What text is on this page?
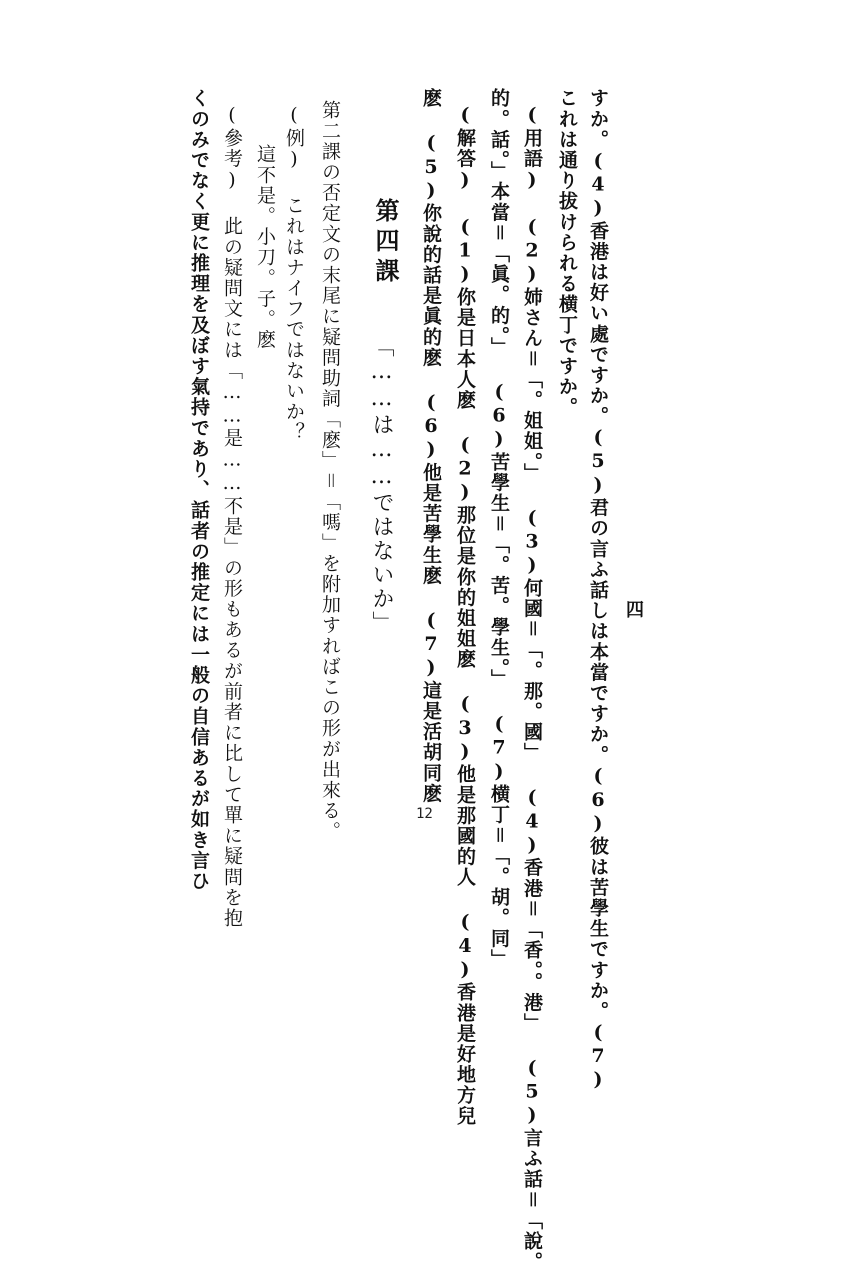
四
すか。(4)香港は好い處ですか。(5)君の言ふ話しは本當ですか。(6)彼は苦學生ですか。(7)
これは通り拔けられる横丁ですか。
(用語) (2)姉さん＝「。姐姐。」 (3)何國＝「。那。國」 (4)香港＝「香。。港」 (5)言ふ話＝「說。
的。話。」本當＝「眞。的。」 (6)苦學生＝「。苦。學生。」 (7)横丁＝「。胡。同」
(解答) (1)你是日本人麽 (2)那位是你的姐姐麽 (3)他是那國的人 (4)香港是好地方兒
麽 (5)你說的話是眞的麽 (6)他是苦學生麽 (7)這是活胡同麽
第四課
「……は……ではないか」
第二課の否定文の末尾に疑問助詞「麽」＝「嗎」を附加すればこの形が出來る。
(例) これはナイフではないか？
這不是。小刀。子。麽
(參考) 此の疑問文には「……是……不是」の形もあるが前者に比して單に疑問を抱
くのみでなく更に推理を及ぼす氣持であり、話者の推定には一般の自信あるが如き言ひ	12
